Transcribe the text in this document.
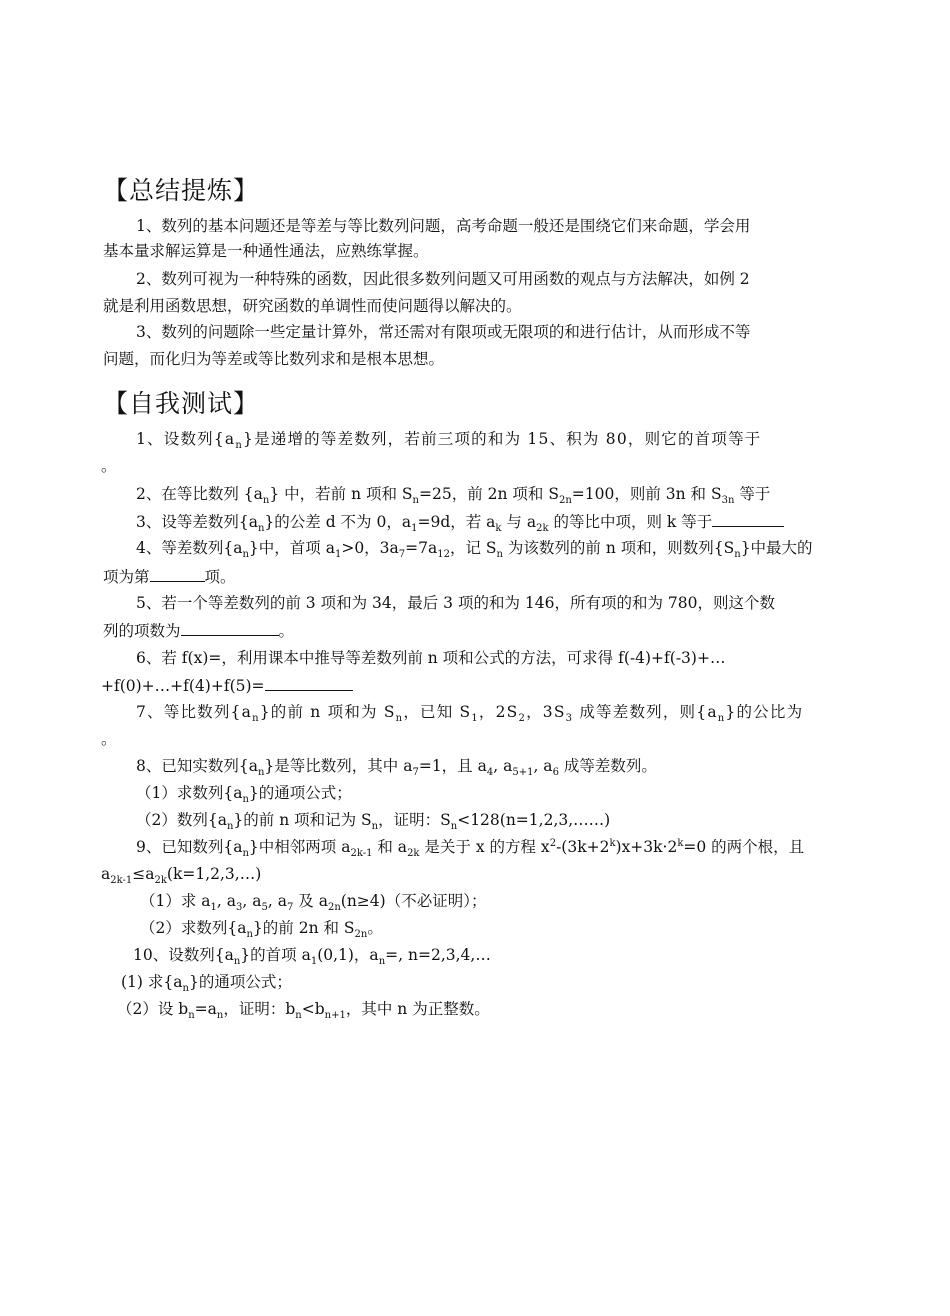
【总结提炼】
1、数列的基本问题还是等差与等比数列问题，高考命题一般还是围绕它们来命题，学会用
基本量求解运算是一种通性通法，应熟练掌握。
2、数列可视为一种特殊的函数，因此很多数列问题又可用函数的观点与方法解决，如例 2
就是利用函数思想，研究函数的单调性而使问题得以解决的。
3、数列的问题除一些定量计算外，常还需对有限项或无限项的和进行估计，从而形成不等
问题，而化归为等差或等比数列求和是根本思想。
【自我测试】
1、设数列$\{a_n\}$是递增的等差数列，若前三项的和为 15、积为 80，则它的首项等于
。
2、在等比数列 $\{a_n\}$ 中，若前 n 项和 $S_n=25$，前 2n 项和 $S_{2n}=100$，则前 3n 和 $S_{3n}$ 等于
3、设等差数列$\{a_n\}$的公差 d 不为 0，$a_1=9d$，若 $a_k$ 与 $a_{2k}$ 的等比中项，则 k 等于
4、等差数列$\{a_n\}$中，首项 $a_1>0$，$3a_7=7a_{12}$，记 $S_n$ 为该数列的前 n 项和，则数列$\{S_n\}$中最大的
项为第	项。
5、若一个等差数列的前 3 项和为 34，最后 3 项的和为 146，所有项的和为 780，则这个数
列的项数为	。
6、若 f(x)=，利用课本中推导等差数列前 n 项和公式的方法，可求得 f(-4)+f(-3)+…
+f(0)+…+f(4)+f(5)=
7、等比数列$\{a_n\}$的前 n 项和为 $S_n$，已知 $S_1$，$2S_2$，$3S_3$ 成等差数列，则$\{a_n\}$的公比为
。
8、已知实数列$\{a_n\}$是等比数列，其中 $a_7=1$，且 $a_4$, $a_{5+1}$, $a_6$ 成等差数列。
（1）求数列$\{a_n\}$的通项公式；
（2）数列$\{a_n\}$的前 n 项和记为 $S_n$，证明：$S_n<128(n=1,2,3,\dots\dots)$
9、已知数列$\{a_n\}$中相邻两项 $a_{2k-1}$ 和 $a_{2k}$ 是关于 x 的方程 $x^2-(3k+2^k)x+3k\cdot 2^k=0$ 的两个根，且
$a_{2k-1}\le a_{2k}(k=1,2,3,\dots)$
（1）求 $a_1$, $a_3$, $a_5$, $a_7$ 及 $a_{2n}(n\ge 4)$（不必证明）；
（2）求数列$\{a_n\}$的前 2n 和 $S_{2n}$。
10、设数列$\{a_n\}$的首项 $a_1(0,1)$，$a_n=$, n=2,3,4,…
(1) 求$\{a_n\}$的通项公式；
（2）设 $b_n=a_n$，证明：$b_n<b_{n+1}$，其中 n 为正整数。
